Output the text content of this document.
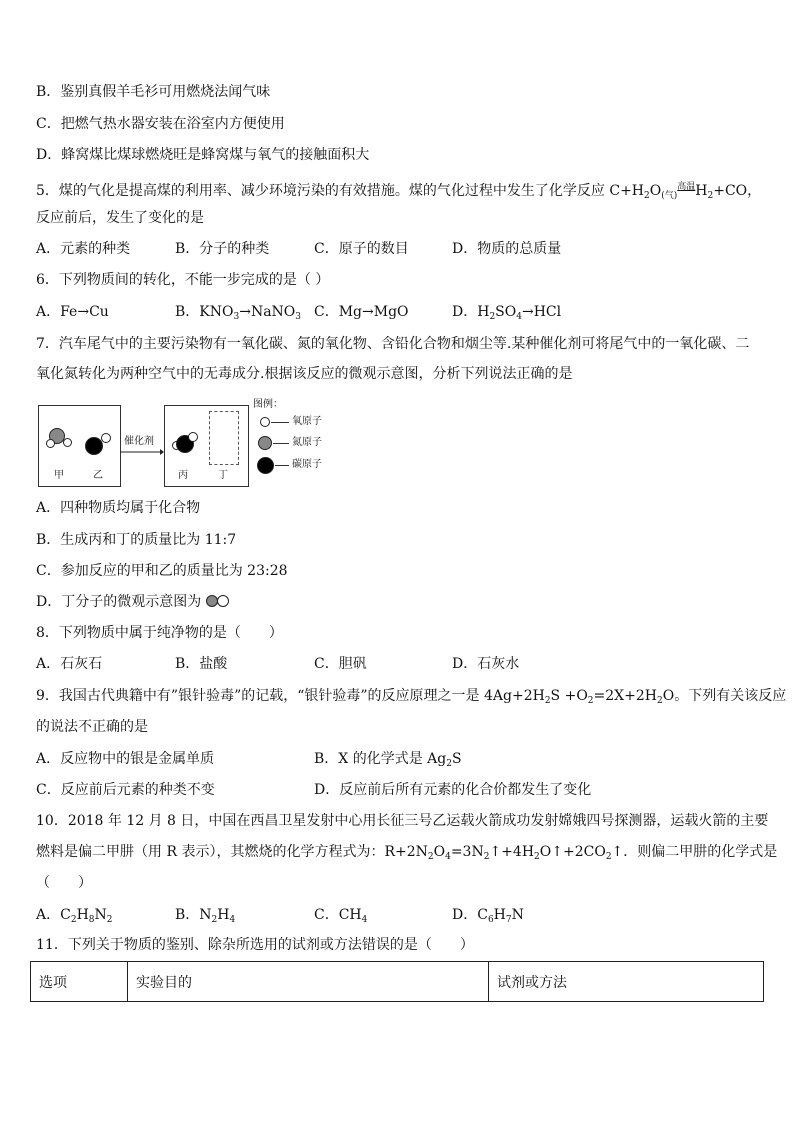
B．鉴别真假羊毛衫可用燃烧法闻气味
C．把燃气热水器安装在浴室内方便使用
D．蜂窝煤比煤球燃烧旺是蜂窝煤与氧气的接触面积大
5．煤的气化是提高煤的利用率、减少环境污染的有效措施。煤的气化过程中发生了化学反应 $C+H_2O_{(气)}$高温$H_2+CO$，
反应前后，发生了变化的是
A．元素的种类	B．分子的种类	C．原子的数目	D．物质的总质量
6．下列物质间的转化，不能一步完成的是（ ）
A．Fe→Cu	B．$KNO_3\to NaNO_3$ C．Mg→MgO	D．$H_2SO_4\to HCl$
7．汽车尾气中的主要污染物有一氧化碳、氮的氧化物、含铅化合物和烟尘等.某种催化剂可将尾气中的一氧化碳、二
氧化氮转化为两种空气中的无毒成分.根据该反应的微观示意图，分析下列说法正确的是
甲	乙
催化剂
丙	丁
图例：
氧原子
氮原子
碳原子
A．四种物质均属于化合物
B．生成丙和丁的质量比为 11:7
C．参加反应的甲和乙的质量比为 23:28
D．丁分子的微观示意图为
8．下列物质中属于纯净物的是（　　）
A．石灰石	B．盐酸	C．胆矾	D．石灰水
9．我国古代典籍中有”银针验毒”的记载，“银针验毒”的反应原理之一是 $4Ag+2H_2S +O_2=2X+2H_2O$。下列有关该反应
的说法不正确的是
A．反应物中的银是金属单质	B．X 的化学式是 $Ag_2S$
C．反应前后元素的种类不变	D．反应前后所有元素的化合价都发生了变化
10．2018 年 12 月 8 日，中国在西昌卫星发射中心用长征三号乙运载火箭成功发射嫦娥四号探测器，运载火箭的主要
燃料是偏二甲肼（用 R 表示），其燃烧的化学方程式为：$R+2N_2O_4=3N_2↑+4H_2O↑+2CO_2↑$．则偏二甲肼的化学式是
（　　）
A．$C_2H_8N_2$	B．$N_2H_4$	C．$CH_4$	D．$C_6H_7N$
11．下列关于物质的鉴别、除杂所选用的试剂或方法错误的是（　　）
选项	实验目的	试剂或方法
